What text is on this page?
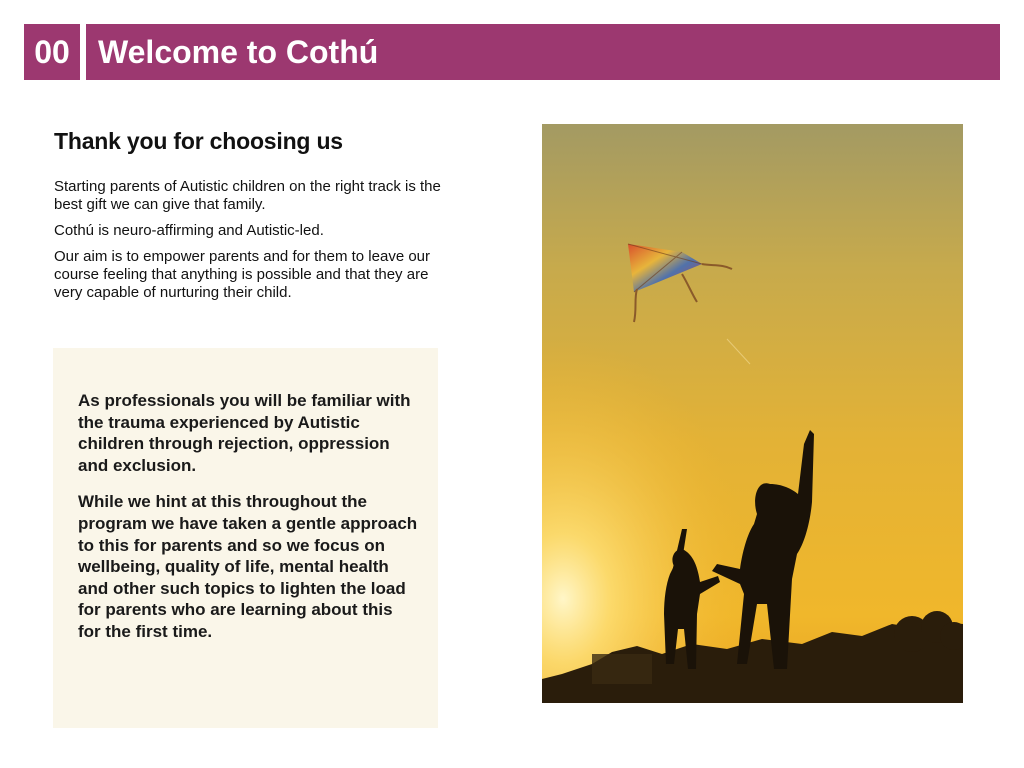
00 Welcome to Cothú
Thank you for choosing us

Starting parents of Autistic children on the right track is the best gift we can give that family.

Cothú is neuro-affirming and Autistic-led.

Our aim is to empower parents and for them to leave our course feeling that anything is possible and that they are very capable of nurturing their child.

As professionals you will be familiar with the trauma experienced by Autistic children through rejection, oppression and exclusion.

While we hint at this throughout the program we have taken a gentle approach to this for parents and so we focus on wellbeing, quality of life, mental health and other such topics to lighten the load for parents who are learning about this for the first time.
